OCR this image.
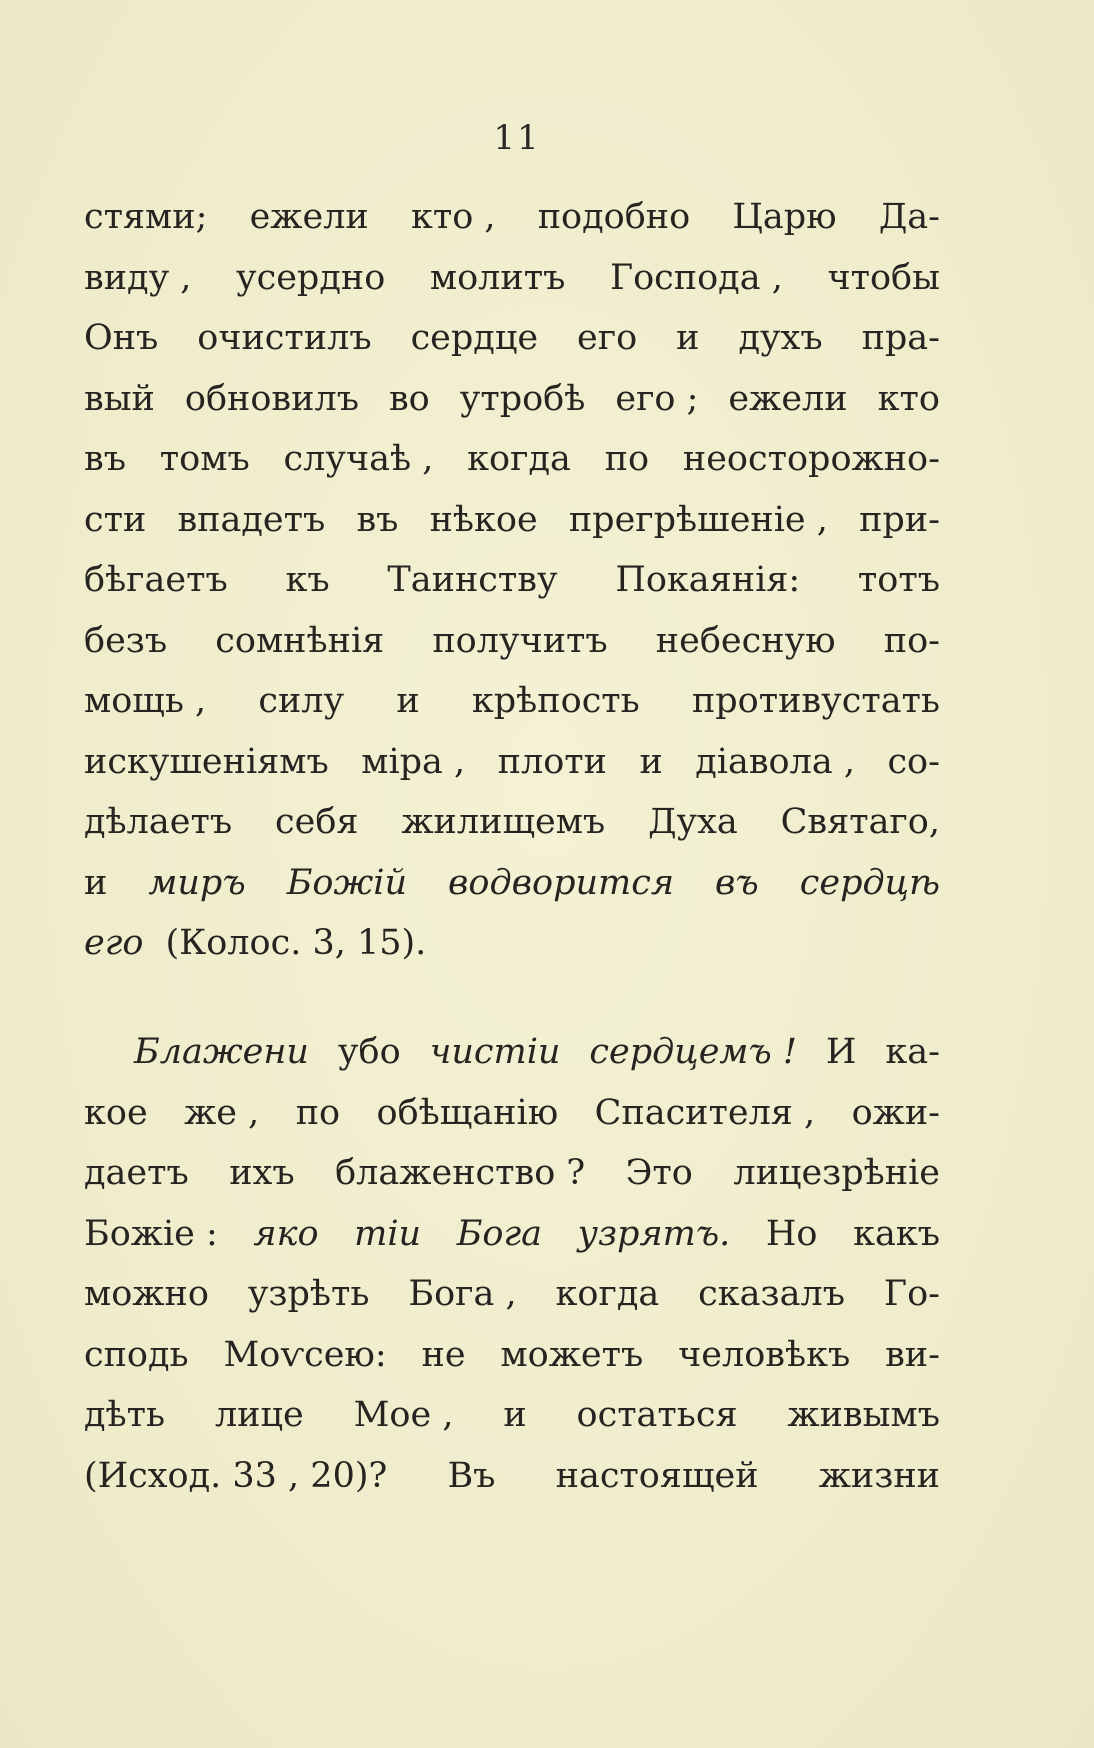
11
стями; ежели кто , подобно Царю Да-
виду , усердно молитъ Господа , чтобы
Онъ очистилъ сердце его и духъ пра-
вый обновилъ во утробѣ его ; ежели кто
въ томъ случаѣ , когда по неосторожно-
сти впадетъ въ нѣкое прегрѣшеніе , при-
бѣгаетъ къ Таинству Покаянія: тотъ
безъ сомнѣнія получитъ небесную по-
мощь , силу и крѣпость противустать
искушеніямъ міра , плоти и діавола , со-
дѣлаетъ себя жилищемъ Духа Святаго,
и миръ Божій водворится въ сердцѣ
его (Колос. 3, 15).
Блажени убо чистіи сердцемъ ! И ка-
кое же , по обѣщанію Спасителя , ожи-
даетъ ихъ блаженство ? Это лицезрѣніе
Божіе : яко тіи Бога узрятъ. Но какъ
можно узрѣть Бога , когда сказалъ Го-
сподь Моѵсею: не можетъ человѣкъ ви-
дѣть лице Мое , и остаться живымъ
(Исход. 33 , 20)? Въ настоящей жизни
